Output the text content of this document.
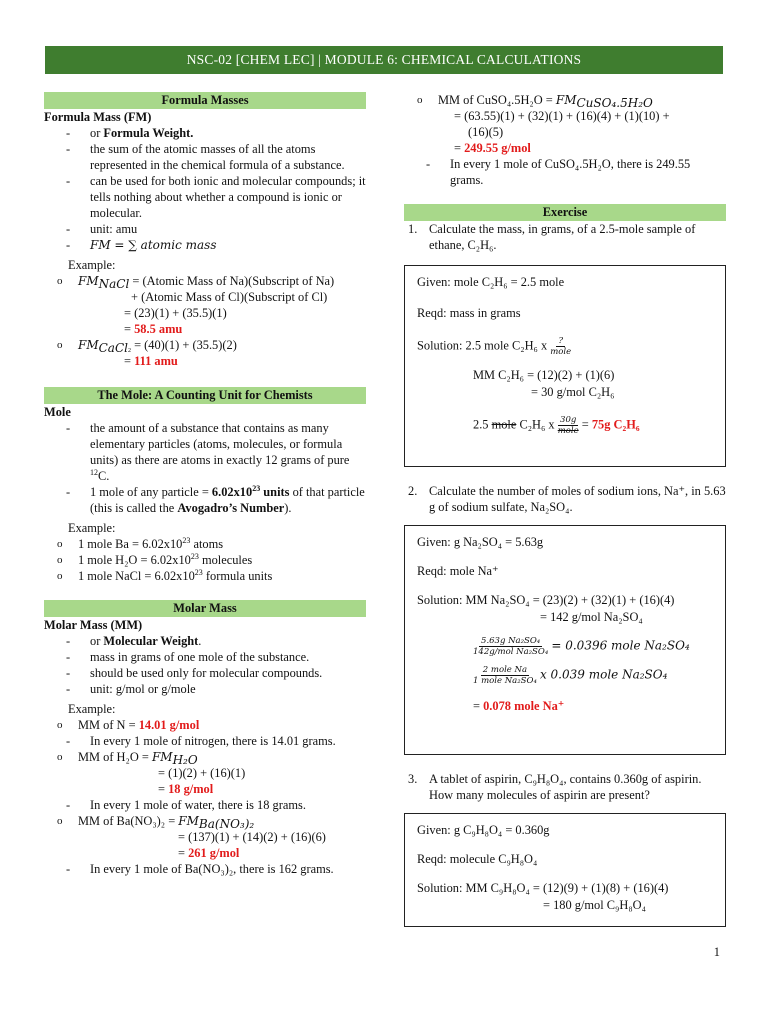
NSC-02 [CHEM LEC] | MODULE 6: CHEMICAL CALCULATIONS
Formula Masses
Formula Mass (FM)
- or Formula Weight.
- the sum of the atomic masses of all the atoms represented in the chemical formula of a substance.
- can be used for both ionic and molecular compounds; it tells nothing about whether a compound is ionic or molecular.
- unit: amu
- FM = ∑ atomic mass
Example:
o $FM_{NaCl}$ = (Atomic Mass of Na)(Subscript of Na)
+ (Atomic Mass of Cl)(Subscript of Cl)
= (23)(1) + (35.5)(1)
= 58.5 amu
o $FM_{CaCl2} = (40)(1) + (35.5)(2)$
= 111 amu
The Mole: A Counting Unit for Chemists
Mole
- the amount of a substance that contains as many elementary particles (atoms, molecules, or formula units) as there are atoms in exactly 12 grams of pure $^{12}$C.
- 1 mole of any particle = $6.02x10^{23}$ units of that particle (this is called the Avogadro’s Number).
Example:
o 1 mole $Ba = 6.02x10^{23}$ atoms
o 1 mole $H_2O = 6.02x10^{23}$ molecules
o 1 mole NaCl = $6.02x10^{23}$ formula units
Molar Mass
Molar Mass (MM)
- or Molecular Weight.
- mass in grams of one mole of the substance.
- should be used only for molecular compounds.
- unit: g/mol or g/mole
Example:
o MM of N = 14.01 g/mol
- In every 1 mole of nitrogen, there is 14.01 grams.
o MM of $H_2O = FM_{H_2O}$
= (1)(2) + (16)(1)
= 18 g/mol
- In every 1 mole of water, there is 18 grams.
o MM of $Ba(NO_3)_2 = FM_{Ba(NO_3)_2}$
= (137)(1) + (14)(2) + (16)(6)
= 261 g/mol
- In every 1 mole of Ba(NO₃)₂, there is 162 grams.
o MM of CuSO₄.5H₂O = $FM_{CuSO_4.5H_2O}$
= (63.55)(1) + (32)(1) + (16)(4) + (1)(10) +
(16)(5)
= 249.55 g/mol
- In every 1 mole of CuSO₄.5H₂O, there is 249.55 grams.
Exercise
1. Calculate the mass, in grams, of a 2.5-mole sample of ethane, C₂H₆.
Given: mole C₂H₆ = 2.5 mole
Reqd: mass in grams
Solution: 2.5 mole C₂H₆ x $\frac{?}{\text{mole}}$
MM C₂H₆ = (12)(2) + (1)(6)
= 30 g/mol C₂H₆
2.5 mole C₂H₆ x $\frac{30g}{\text{mole}} = 75g$ C₂H₆
2. Calculate the number of moles of sodium ions, Na⁺, in 5.63 g of sodium sulfate, Na₂SO₄.
Given: g Na₂SO₄ = 5.63g
Reqd: mole Na⁺
Solution: MM Na₂SO₄ = (23)(2) + (32)(1) + (16)(4)
= 142 g/mol Na₂SO₄
$\frac{\text{5.63g Na₂SO₄}}{\text{142g/mol Na₂SO₄}} = 0.0396$ mole Na₂SO₄
$\frac{\text{2 mole Na}}{\text{1 mole Na₂SO₄}}$ x 0.039 mole Na₂SO₄
= 0.078 mole Na⁺
3. A tablet of aspirin, C₉H₈O₄, contains 0.360g of aspirin. How many molecules of aspirin are present?
Given: g C₉H₈O₄ = 0.360g
Reqd: molecule C₉H₈O₄
Solution: MM C₉H₈O₄ = (12)(9) + (1)(8) + (16)(4)
= 180 g/mol C₉H₈O₄
1
